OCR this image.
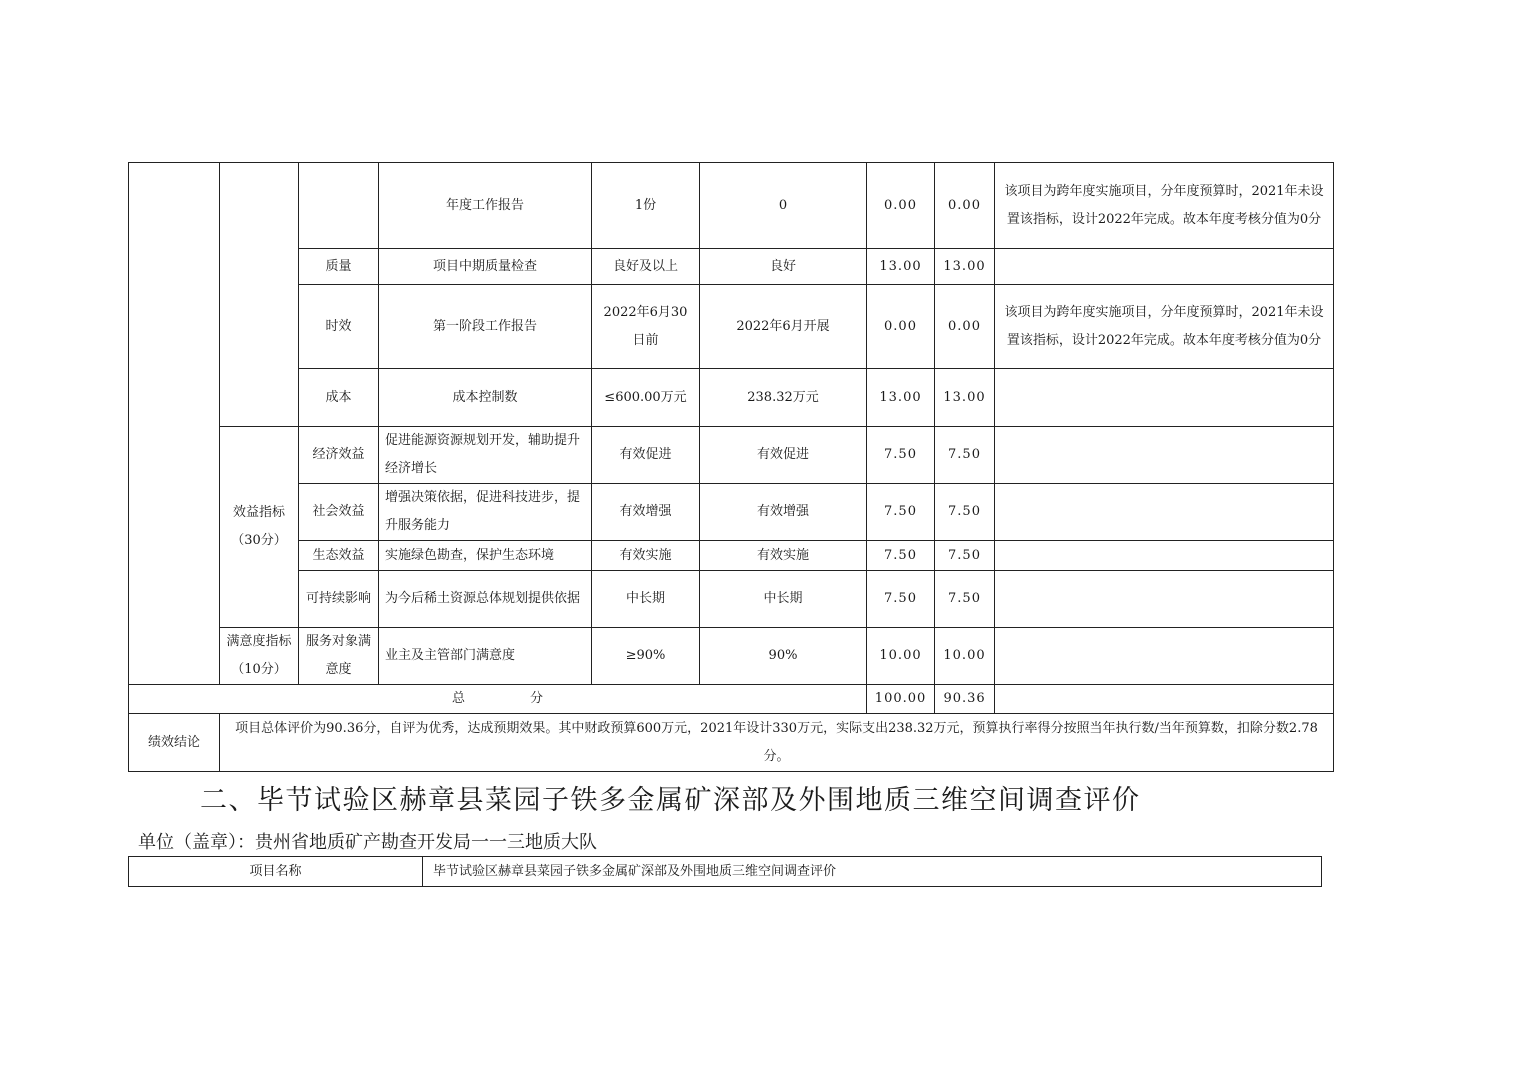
			年度工作报告	1份	0	0.00	0.00	该项目为跨年度实施项目，分年度预算时，2021年未设置该指标，设计2022年完成。故本年度考核分值为0分
		质量	项目中期质量检查	良好及以上	良好	13.00	13.00	
		时效	第一阶段工作报告	2022年6月30日前	2022年6月开展	0.00	0.00	该项目为跨年度实施项目，分年度预算时，2021年未设置该指标，设计2022年完成。故本年度考核分值为0分
		成本	成本控制数	≤600.00万元	238.32万元	13.00	13.00	
	效益指标（30分）	经济效益	促进能源资源规划开发，辅助提升经济增长	有效促进	有效促进	7.50	7.50	
		社会效益	增强决策依据，促进科技进步，提升服务能力	有效增强	有效增强	7.50	7.50	
		生态效益	实施绿色勘查，保护生态环境	有效实施	有效实施	7.50	7.50	
		可持续影响	为今后稀土资源总体规划提供依据	中长期	中长期	7.50	7.50	
	满意度指标（10分）	服务对象满意度	业主及主管部门满意度	≥90%	90%	10.00	10.00	
总　　　　　分		100.00	90.36	
绩效结论	项目总体评价为90.36分，自评为优秀，达成预期效果。其中财政预算600万元，2021年设计330万元，实际支出238.32万元，预算执行率得分按照当年执行数/当年预算数，扣除分数2.78分。			
二、毕节试验区赫章县菜园子铁多金属矿深部及外围地质三维空间调查评价

单位（盖章）：贵州省地质矿产勘查开发局一一三地质大队

项目名称	毕节试验区赫章县菜园子铁多金属矿深部及外围地质三维空间调查评价
